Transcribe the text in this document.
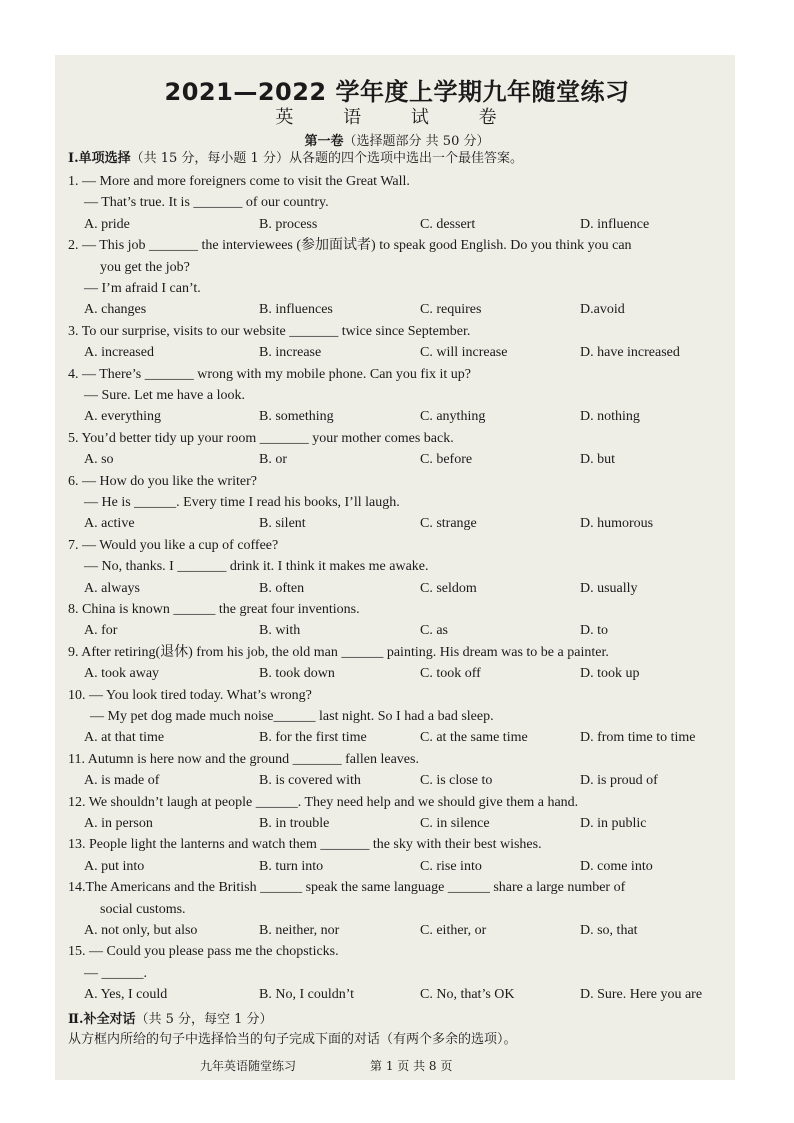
2021—2022 学年度上学期九年随堂练习
英 语 试 卷
第一卷（选择题部分 共 50 分）
Ⅰ.单项选择（共 15 分，每小题 1 分）从各题的四个选项中选出一个最佳答案。
1. — More and more foreigners come to visit the Great Wall.
— That’s true. It is _______ of our country.
A. pride	B. process	C. dessert	D. influence
2. — This job _______ the interviewees (参加面试者) to speak good English. Do you think you can
you get the job?
— I’m afraid I can’t.
A. changes	B. influences	C. requires	D.avoid
3. To our surprise, visits to our website _______ twice since September.
A. increased	B. increase	C. will increase	D. have increased
4. — There’s _______ wrong with my mobile phone. Can you fix it up?
— Sure. Let me have a look.
A. everything	B. something	C. anything	D. nothing
5. You’d better tidy up your room _______ your mother comes back.
A. so	B. or	C. before	D. but
6. — How do you like the writer?
— He is ______. Every time I read his books, I’ll laugh.
A. active	B. silent	C. strange	D. humorous
7. — Would you like a cup of coffee?
— No, thanks. I _______ drink it. I think it makes me awake.
A. always	B. often	C. seldom	D. usually
8. China is known ______ the great four inventions.
A. for	B. with	C. as	D. to
9. After retiring(退休) from his job, the old man ______ painting. His dream was to be a painter.
A. took away	B. took down	C. took off	D. took up
10. — You look tired today. What’s wrong?
— My pet dog made much noise______ last night. So I had a bad sleep.
A. at that time	B. for the first time	C. at the same time	D. from time to time
11. Autumn is here now and the ground _______ fallen leaves.
A. is made of	B. is covered with	C. is close to	D. is proud of
12. We shouldn’t laugh at people ______. They need help and we should give them a hand.
A. in person	B. in trouble	C. in silence	D. in public
13. People light the lanterns and watch them _______ the sky with their best wishes.
A. put into	B. turn into	C. rise into	D. come into
14.The Americans and the British ______ speak the same language ______ share a large number of
social customs.
A. not only, but also	B. neither, nor	C. either, or	D. so, that
15. — Could you please pass me the chopsticks.
— ______.
A. Yes, I could	B. No, I couldn’t	C. No, that’s OK	D. Sure. Here you are
Ⅱ.补全对话（共 5 分，每空 1 分）
从方框内所给的句子中选择恰当的句子完成下面的对话（有两个多余的选项）。
九年英语随堂练习	第 1 页 共 8 页
